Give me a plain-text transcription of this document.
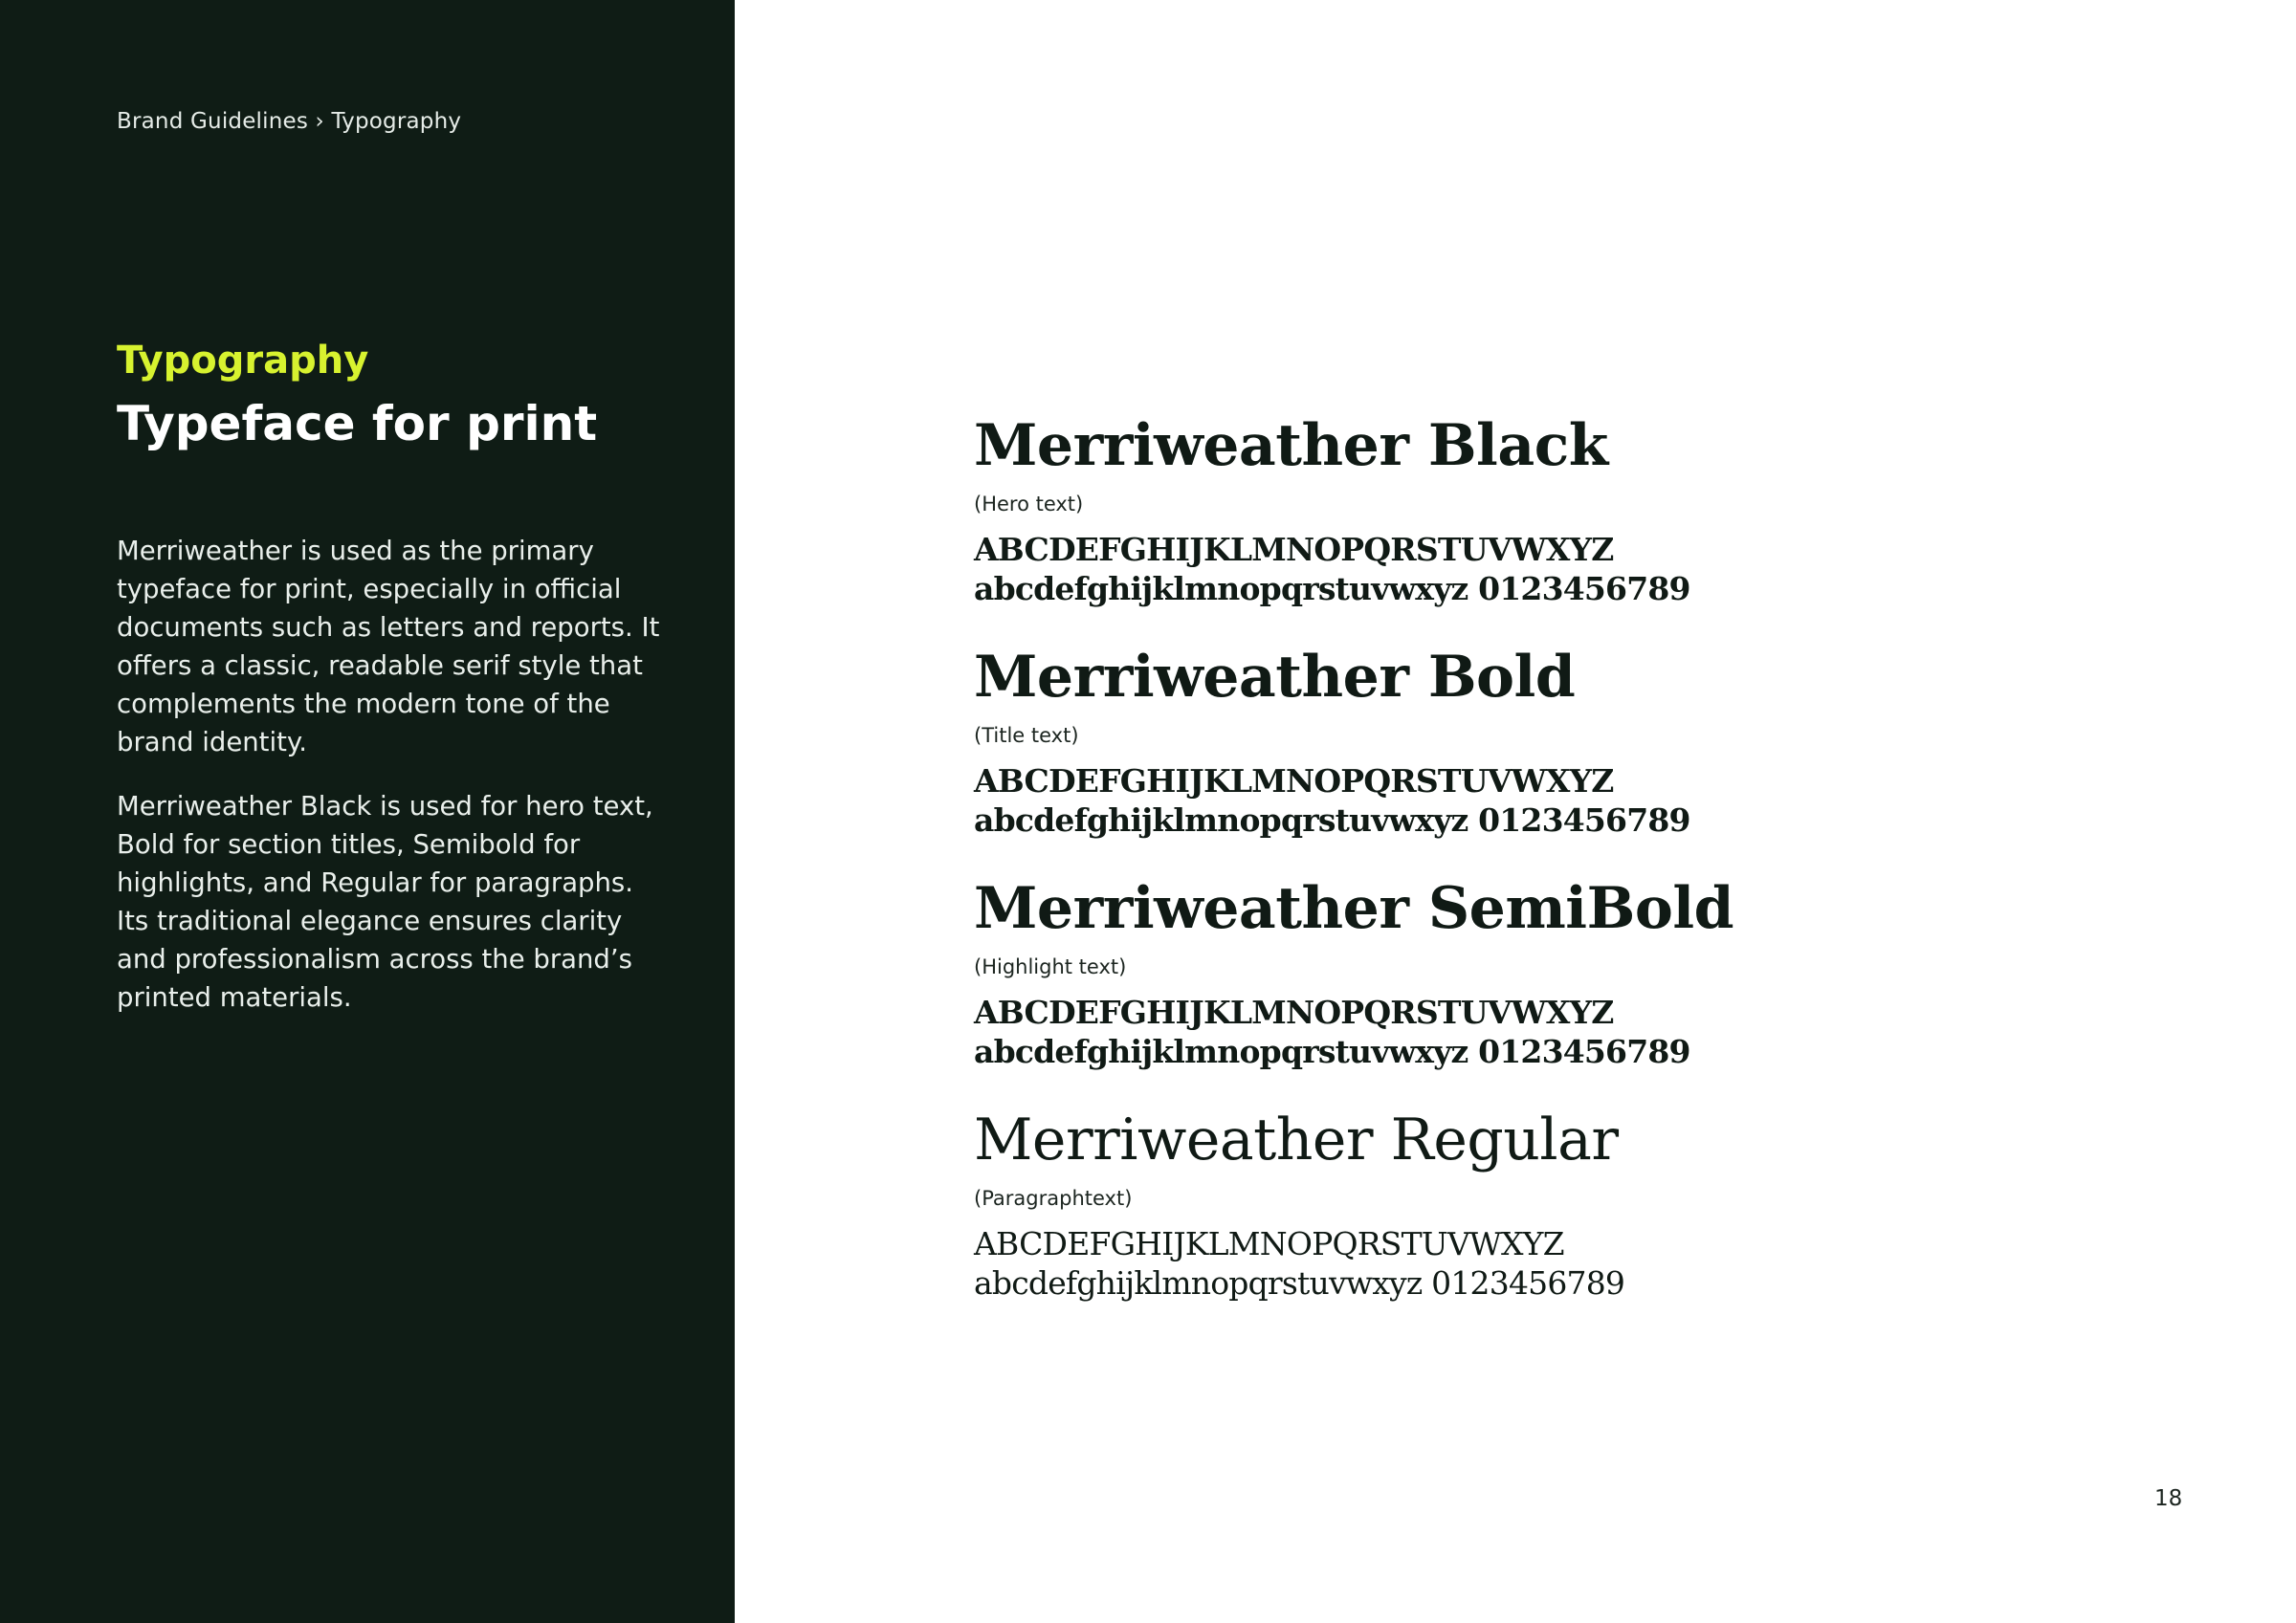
Brand Guidelines › Typography
Typography
Typeface for print

Merriweather is used as the primary typeface for print, especially in official documents such as letters and reports. It offers a classic, readable serif style that complements the modern tone of the brand identity.

Merriweather Black is used for hero text, Bold for section titles, Semibold for highlights, and Regular for paragraphs. Its traditional elegance ensures clarity and professionalism across the brand’s printed materials.

Merriweather Black
(Hero text)
ABCDEFGHIJKLMNOPQRSTUVWXYZ
abcdefghijklmnopqrstuvwxyz 0123456789
Merriweather Bold
(Title text)
ABCDEFGHIJKLMNOPQRSTUVWXYZ
abcdefghijklmnopqrstuvwxyz 0123456789
Merriweather SemiBold
(Highlight text)
ABCDEFGHIJKLMNOPQRSTUVWXYZ
abcdefghijklmnopqrstuvwxyz 0123456789
Merriweather Regular
(Paragraphtext)
ABCDEFGHIJKLMNOPQRSTUVWXYZ
abcdefghijklmnopqrstuvwxyz 0123456789
18
